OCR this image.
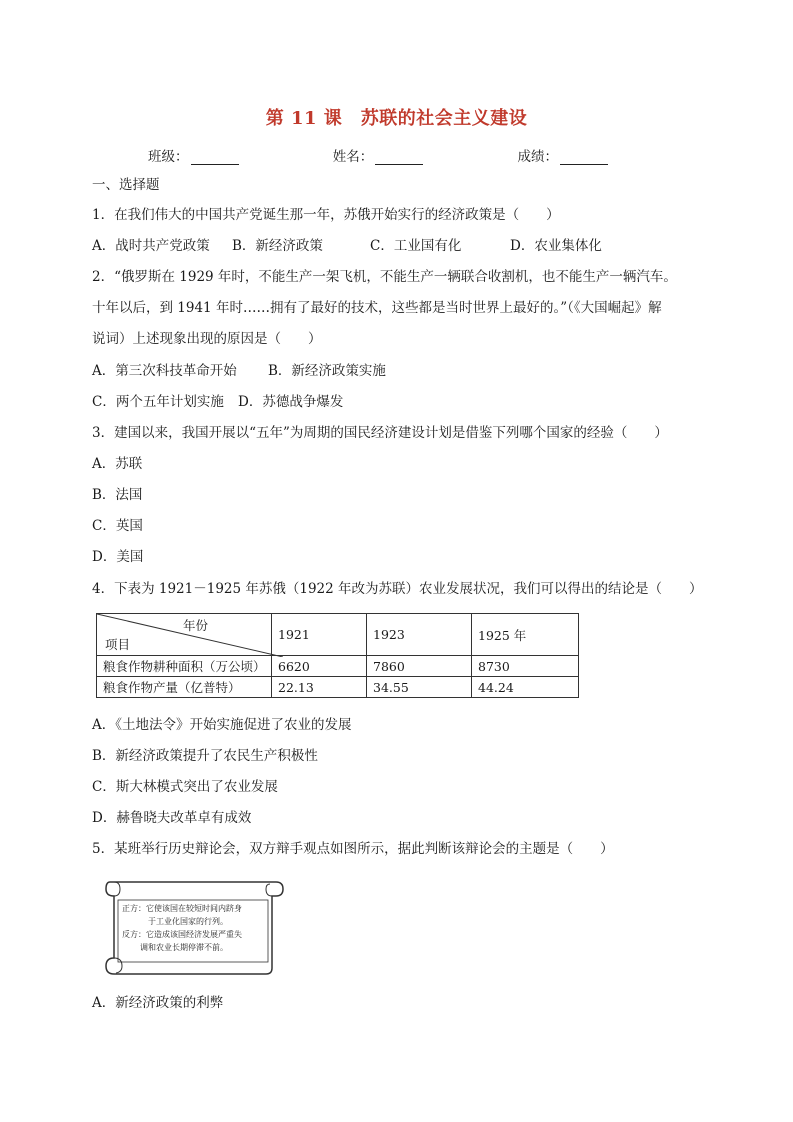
第 11 课　苏联的社会主义建设
班级：	姓名：	成绩：
一、选择题
1．在我们伟大的中国共产党诞生那一年，苏俄开始实行的经济政策是（　　）
A．战时共产党政策 B．新经济政策	C．工业国有化	D．农业集体化
2．“俄罗斯在 1929 年时，不能生产一架飞机，不能生产一辆联合收割机，也不能生产一辆汽车。
十年以后，到 1941 年时……拥有了最好的技术，这些都是当时世界上最好的。”（《大国崛起》解
说词）上述现象出现的原因是（　　）
A．第三次科技革命开始 B．新经济政策实施
C．两个五年计划实施 D．苏德战争爆发
3．建国以来，我国开展以“五年”为周期的国民经济建设计划是借鉴下列哪个国家的经验（　　）
A．苏联
B．法国
C．英国
D．美国
4．下表为 1921－1925 年苏俄（1922 年改为苏联）农业发展状况，我们可以得出的结论是（　　）
年份
项目	1921	1923	1925 年
粮食作物耕种面积（万公顷）	6620	7860	8730
粮食作物产量（亿普特）	22.13	34.55	44.24
A．《土地法令》开始实施促进了农业的发展
B．新经济政策提升了农民生产积极性
C．斯大林模式突出了农业发展
D．赫鲁晓夫改革卓有成效
5．某班举行历史辩论会，双方辩手观点如图所示，据此判断该辩论会的主题是（　　）
正方：它使该国在较短时间内跻身
于工业化国家的行列。
反方：它造成该国经济发展严重失
调和农业长期停滞不前。
A．新经济政策的利弊
